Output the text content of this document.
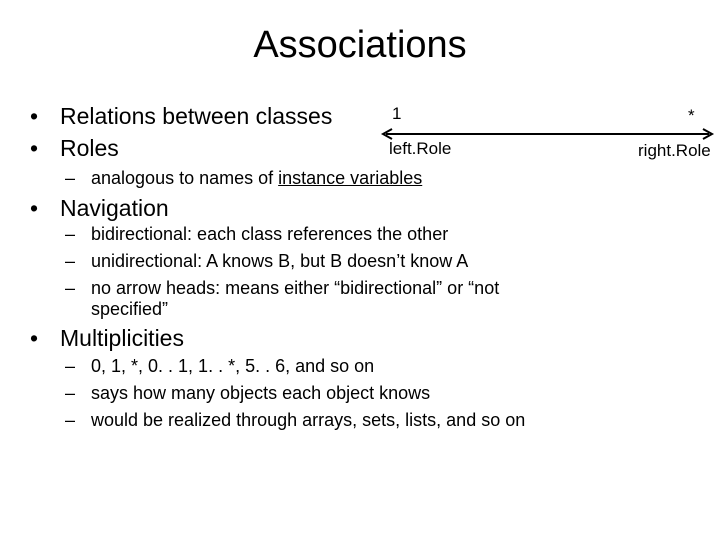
Associations
• Relations between classes
• Roles
– analogous to names of instance variables
• Navigation
– bidirectional: each class references the other
– unidirectional: A knows B, but B doesn’t know A
– no arrow heads: means either “bidirectional” or “not
specified”
• Multiplicities
– 0, 1, *, 0. . 1, 1. . *, 5. . 6, and so on
– says how many objects each object knows
– would be realized through arrays, sets, lists, and so on
1	*
left.Role	right.Role
